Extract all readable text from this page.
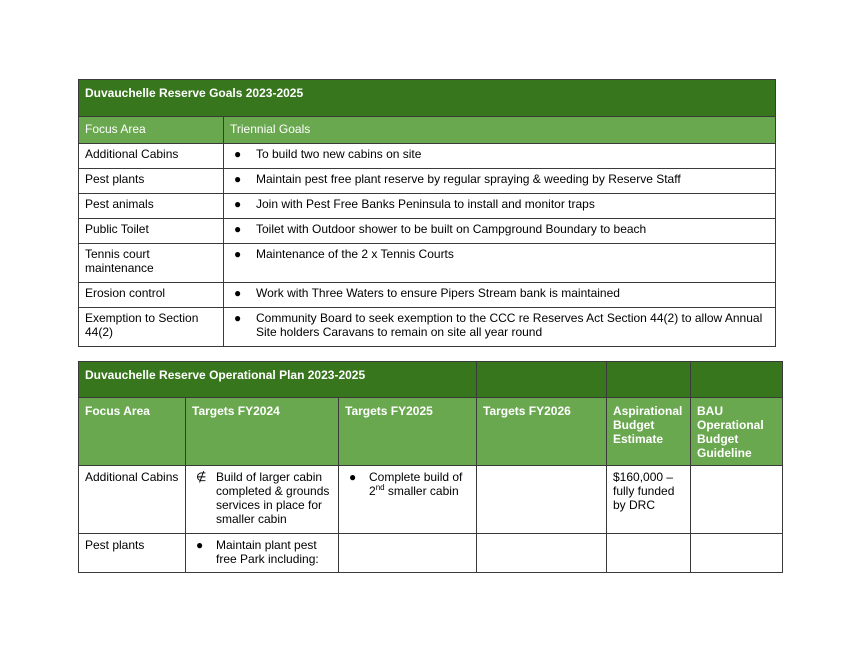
Duvauchelle Reserve Goals 2023-2025	
Focus Area	Triennial Goals
Additional Cabins	● To build two new cabins on site

Pest plants	● Maintain pest free plant reserve by regular spraying & weeding by Reserve Staff

Pest animals	● Join with Pest Free Banks Peninsula to install and monitor traps

Public Toilet	● Toilet with Outdoor shower to be built on Campground Boundary to beach

Tennis court maintenance	● Maintenance of the 2 x Tennis Courts

Erosion control	● Work with Three Waters to ensure Pipers Stream bank is maintained

Exemption to Section 44(2)	● Community Board to seek exemption to the CCC re Reserves Act Section 44(2) to allow Annual Site holders Caravans to remain on site all year round
Duvauchelle Reserve Operational Plan 2023-2025					
Focus Area	Targets FY2024	Targets FY2025	Targets FY2026	Aspirational Budget Estimate	BAU Operational Budget Guideline
Additional Cabins	∉ Build of larger cabin completed & grounds services in place for smaller cabin	● Complete build of 2nd smaller cabin		$160,000 – fully funded by DRC	
Pest plants	● Maintain plant pest free Park including:				
